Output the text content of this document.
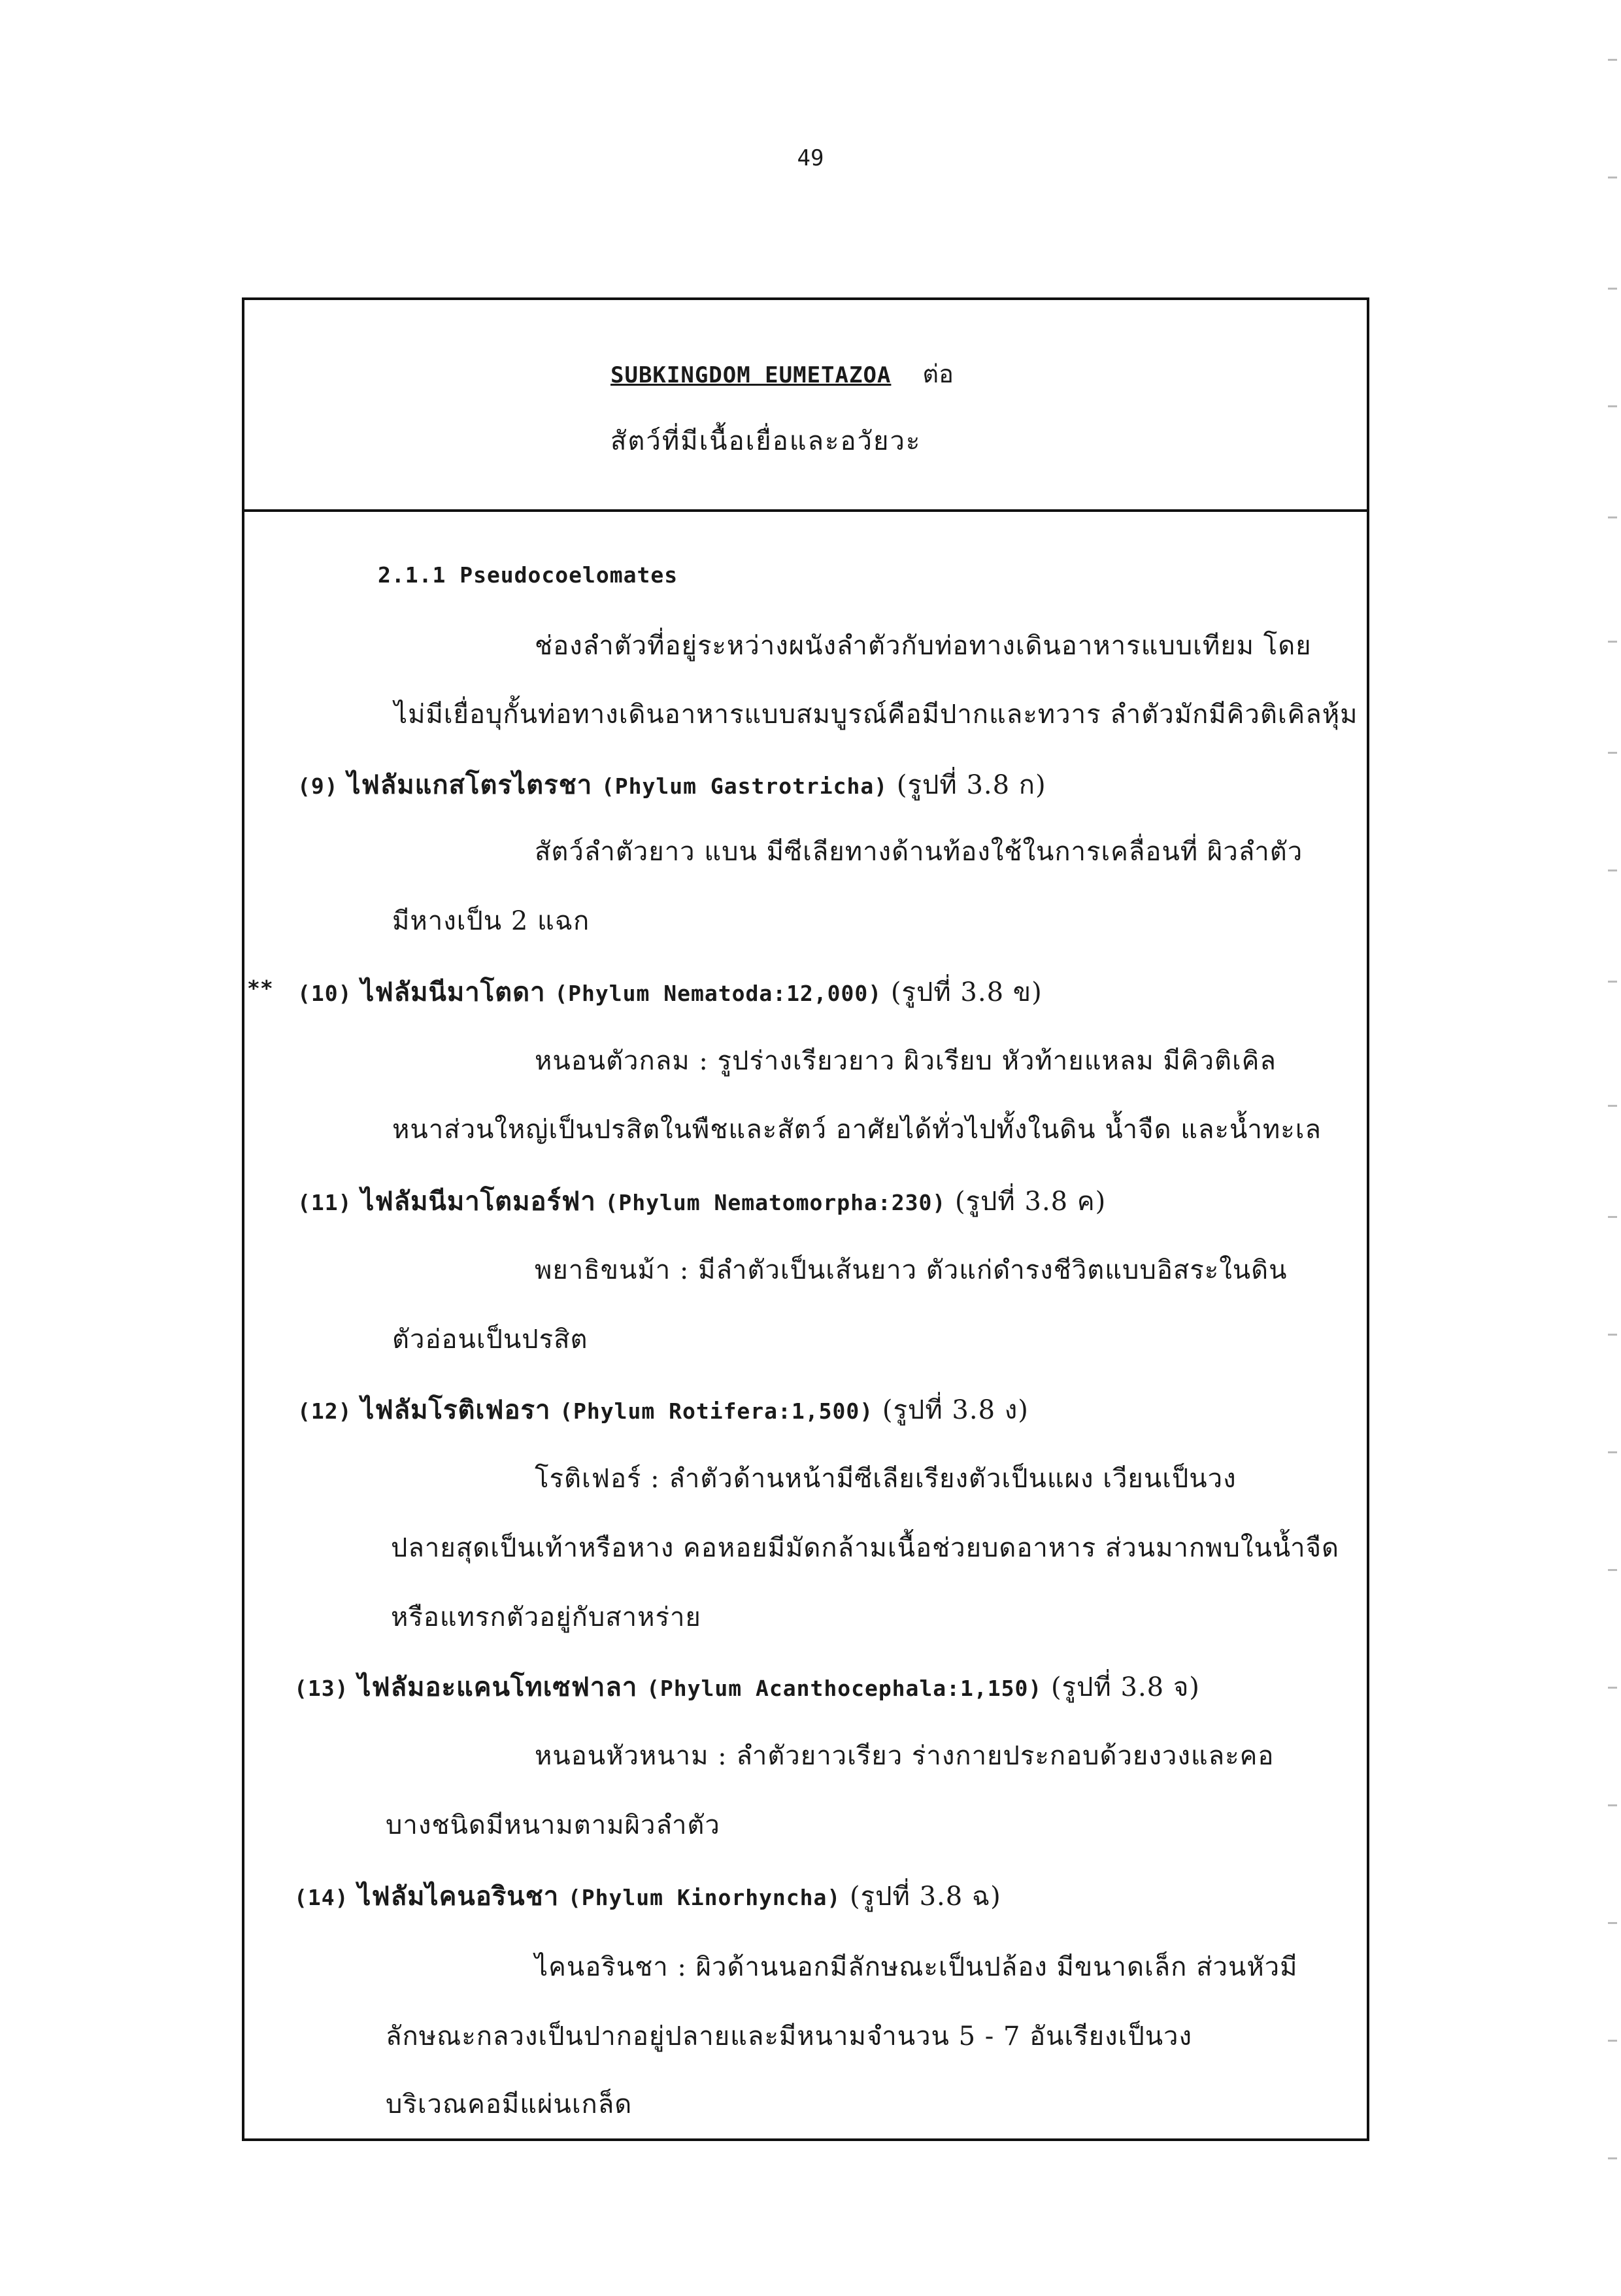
49
SUBKINGDOM EUMETAZOA ต่อ
สัตว์ที่มีเนื้อเยื่อและอวัยวะ
2.1.1 Pseudocoelomates
ช่องลำตัวที่อยู่ระหว่างผนังลำตัวกับท่อทางเดินอาหารแบบเทียม โดย
ไม่มีเยื่อบุกั้นท่อทางเดินอาหารแบบสมบูรณ์คือมีปากและทวาร ลำตัวมักมีคิวติเคิลหุ้ม
(9) ไฟลัมแกสโตรไตรชา (Phylum Gastrotricha) (รูปที่ 3.8 ก)
สัตว์ลำตัวยาว แบน มีซีเลียทางด้านท้องใช้ในการเคลื่อนที่ ผิวลำตัว
มีหางเป็น 2 แฉก
** (10) ไฟลัมนีมาโตดา (Phylum Nematoda:12,000) (รูปที่ 3.8 ข)
หนอนตัวกลม : รูปร่างเรียวยาว ผิวเรียบ หัวท้ายแหลม มีคิวติเคิล
หนาส่วนใหญ่เป็นปรสิตในพืชและสัตว์ อาศัยได้ทั่วไปทั้งในดิน น้ำจืด และน้ำทะเล
(11) ไฟลัมนีมาโตมอร์ฟา (Phylum Nematomorpha:230) (รูปที่ 3.8 ค)
พยาธิขนม้า : มีลำตัวเป็นเส้นยาว ตัวแก่ดำรงชีวิตแบบอิสระในดิน
ตัวอ่อนเป็นปรสิต
(12) ไฟลัมโรติเฟอรา (Phylum Rotifera:1,500) (รูปที่ 3.8 ง)
โรติเฟอร์ : ลำตัวด้านหน้ามีซีเลียเรียงตัวเป็นแผง เวียนเป็นวง
ปลายสุดเป็นเท้าหรือหาง คอหอยมีมัดกล้ามเนื้อช่วยบดอาหาร ส่วนมากพบในน้ำจืด
หรือแทรกตัวอยู่กับสาหร่าย
(13) ไฟลัมอะแคนโทเซฟาลา (Phylum Acanthocephala:1,150) (รูปที่ 3.8 จ)
หนอนหัวหนาม : ลำตัวยาวเรียว ร่างกายประกอบด้วยงวงและคอ
บางชนิดมีหนามตามผิวลำตัว
(14) ไฟลัมไคนอรินชา (Phylum Kinorhyncha) (รูปที่ 3.8 ฉ)
ไคนอรินชา : ผิวด้านนอกมีลักษณะเป็นปล้อง มีขนาดเล็ก ส่วนหัวมี
ลักษณะกลวงเป็นปากอยู่ปลายและมีหนามจำนวน 5 - 7 อันเรียงเป็นวง
บริเวณคอมีแผ่นเกล็ด
